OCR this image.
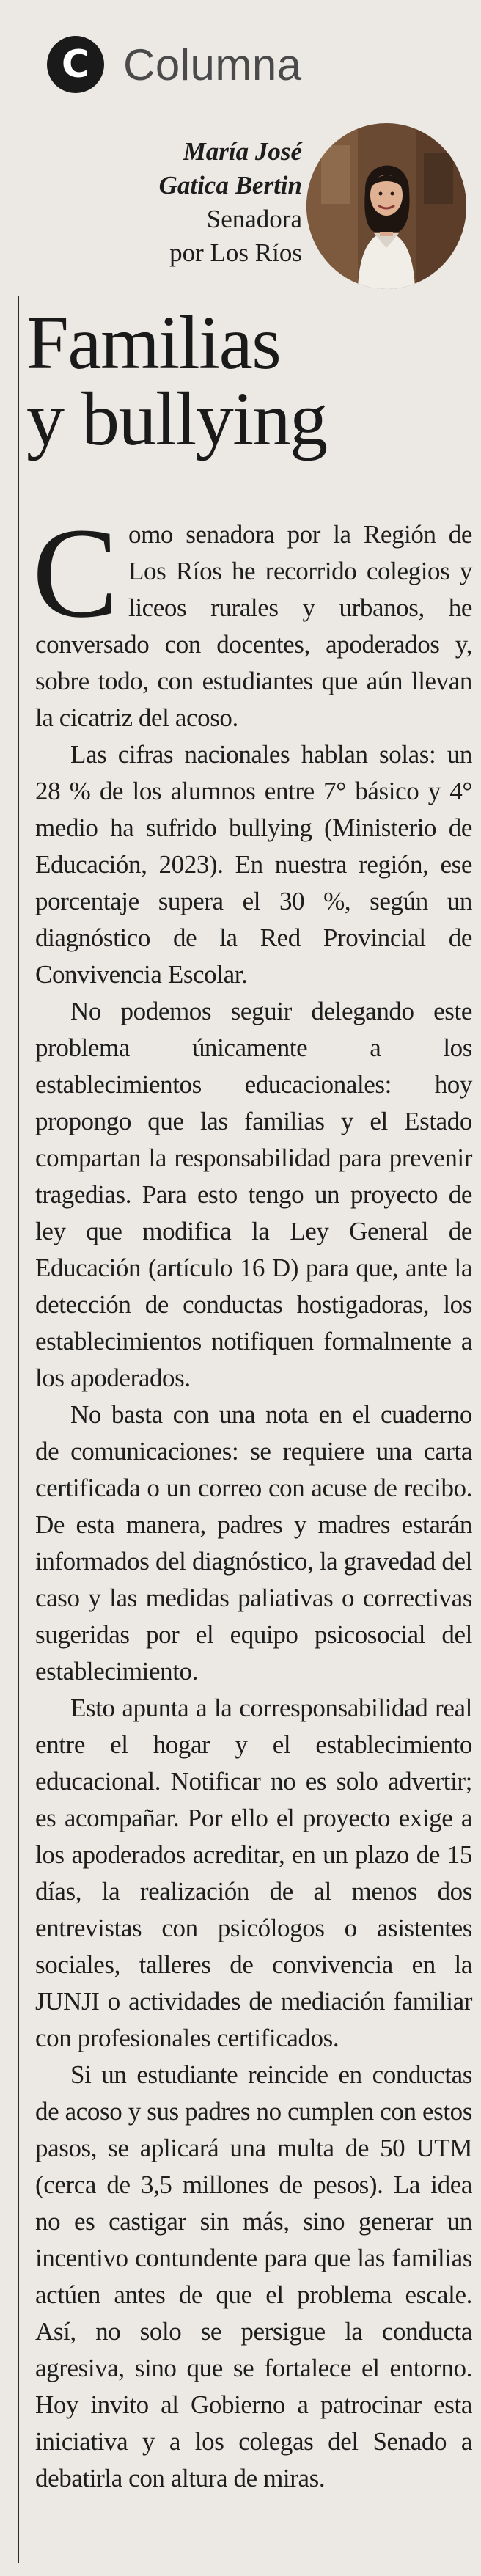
C Columna
María José
Gatica Bertin
Senadora
por Los Ríos
Familias
y bullying

Como senadora por la Región de Los Ríos he recorrido colegios y liceos rurales y urbanos, he conversado con docentes, apoderados y, sobre todo, con estudiantes que aún llevan la cicatriz del acoso.

Las cifras nacionales hablan solas: un 28 % de los alumnos entre 7° básico y 4° medio ha sufrido bullying (Ministerio de Educación, 2023). En nuestra región, ese porcentaje supera el 30 %, según un diagnóstico de la Red Provincial de Convivencia Escolar.

No podemos seguir delegando este problema únicamente a los establecimientos educacionales: hoy propongo que las familias y el Estado compartan la responsabilidad para prevenir tragedias. Para esto tengo un proyecto de ley que modifica la Ley General de Educación (artículo 16 D) para que, ante la detección de conductas hostigadoras, los establecimientos notifiquen formalmente a los apoderados.

No basta con una nota en el cuaderno de comunicaciones: se requiere una carta certificada o un correo con acuse de recibo. De esta manera, padres y madres estarán informados del diagnóstico, la gravedad del caso y las medidas paliativas o correctivas sugeridas por el equipo psicosocial del establecimiento.

Esto apunta a la corresponsabilidad real entre el hogar y el establecimiento educacional. Notificar no es solo advertir; es acompañar. Por ello el proyecto exige a los apoderados acreditar, en un plazo de 15 días, la realización de al menos dos entrevistas con psicólogos o asistentes sociales, talleres de convivencia en la JUNJI o actividades de mediación familiar con profesionales certificados.

Si un estudiante reincide en conductas de acoso y sus padres no cumplen con estos pasos, se aplicará una multa de 50 UTM (cerca de 3,5 millones de pesos). La idea no es castigar sin más, sino generar un incentivo contundente para que las familias actúen antes de que el problema escale. Así, no solo se persigue la conducta agresiva, sino que se fortalece el entorno. Hoy invito al Gobierno a patrocinar esta iniciativa y a los colegas del Senado a debatirla con altura de miras.
